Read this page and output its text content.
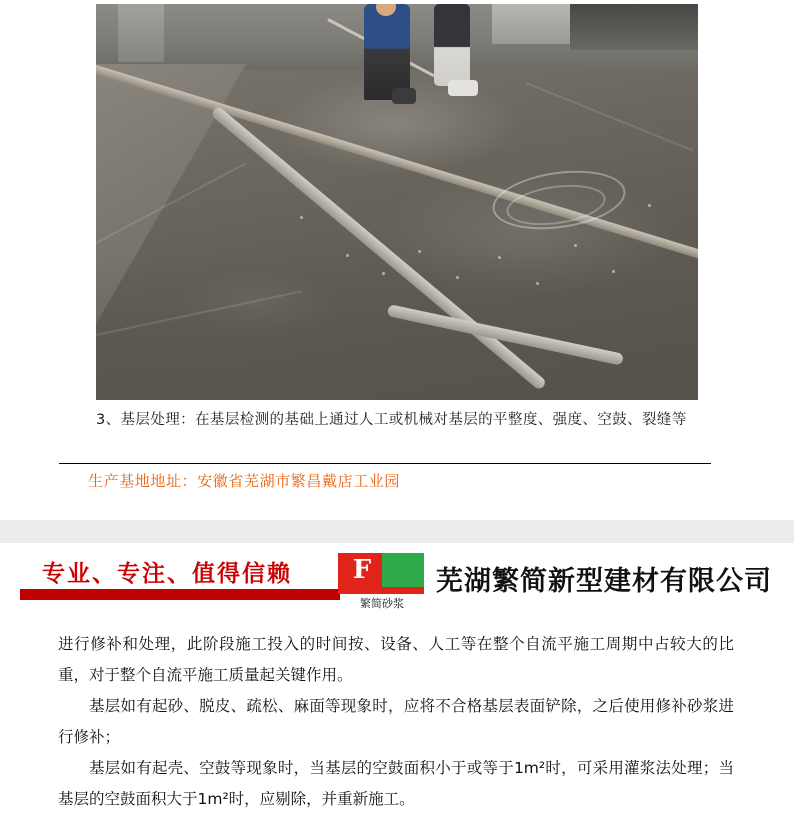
3、基层处理：在基层检测的基础上通过人工或机械对基层的平整度、强度、空鼓、裂缝等
生产基地地址：安徽省芜湖市繁昌戴店工业园
专业、专注、值得信赖 F
繁简砂浆
芜湖繁简新型建材有限公司

进行修补和处理，此阶段施工投入的时间按、设备、人工等在整个自流平施工周期中占较大的比重，对于整个自流平施工质量起关键作用。

基层如有起砂、脱皮、疏松、麻面等现象时，应将不合格基层表面铲除，之后使用修补砂浆进行修补；

基层如有起壳、空鼓等现象时，当基层的空鼓面积小于或等于1m²时，可采用灌浆法处理；当基层的空鼓面积大于1m²时，应剔除，并重新施工。
